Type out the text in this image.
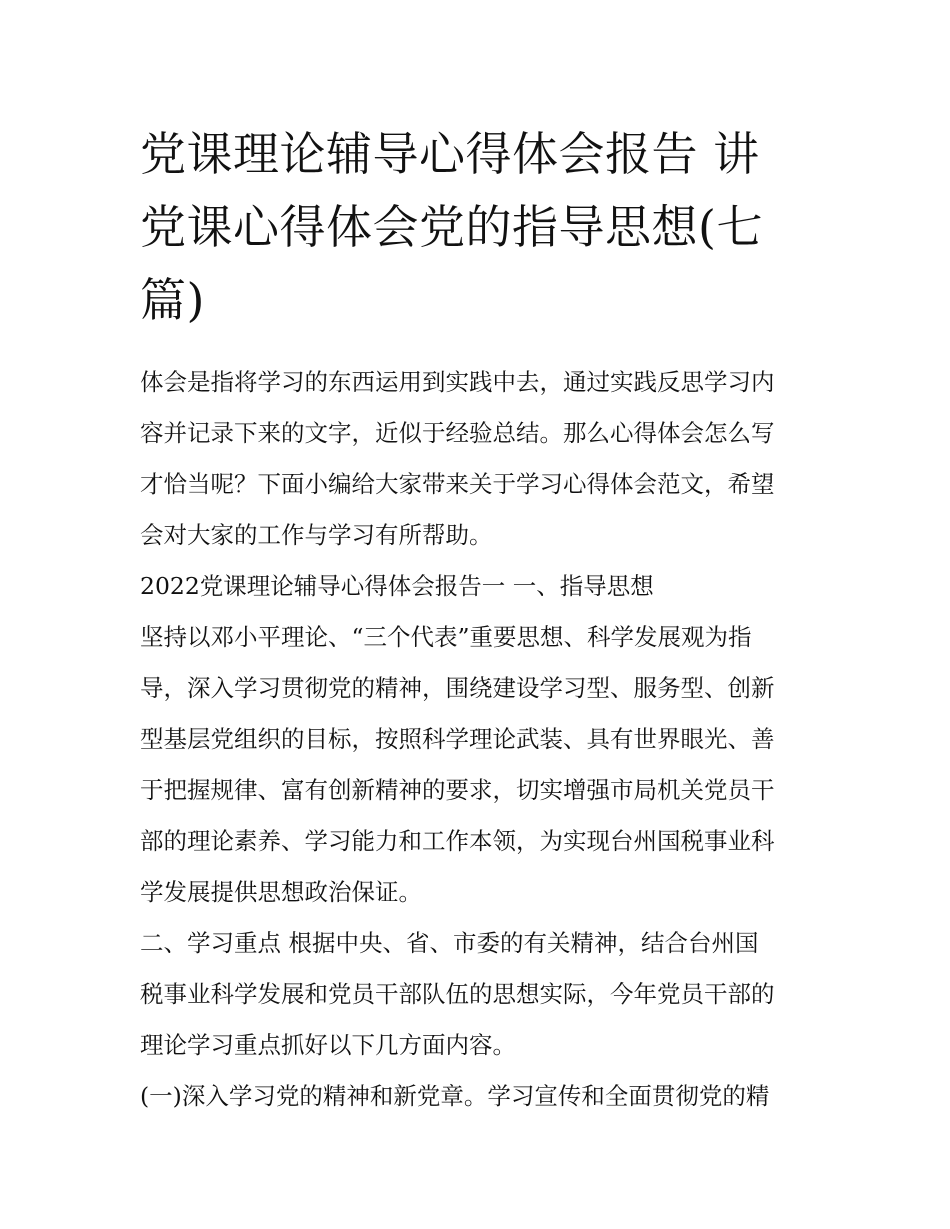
党课理论辅导心得体会报告 讲
党课心得体会党的指导思想(七
篇)
体会是指将学习的东西运用到实践中去，通过实践反思学习内
容并记录下来的文字，近似于经验总结。那么心得体会怎么写
才恰当呢？下面小编给大家带来关于学习心得体会范文，希望
会对大家的工作与学习有所帮助。
2022党课理论辅导心得体会报告一 一、指导思想
坚持以邓小平理论、“三个代表”重要思想、科学发展观为指
导，深入学习贯彻党的精神，围绕建设学习型、服务型、创新
型基层党组织的目标，按照科学理论武装、具有世界眼光、善
于把握规律、富有创新精神的要求，切实增强市局机关党员干
部的理论素养、学习能力和工作本领，为实现台州国税事业科
学发展提供思想政治保证。
二、学习重点 根据中央、省、市委的有关精神，结合台州国
税事业科学发展和党员干部队伍的思想实际，今年党员干部的
理论学习重点抓好以下几方面内容。
(一)深入学习党的精神和新党章。学习宣传和全面贯彻党的精
